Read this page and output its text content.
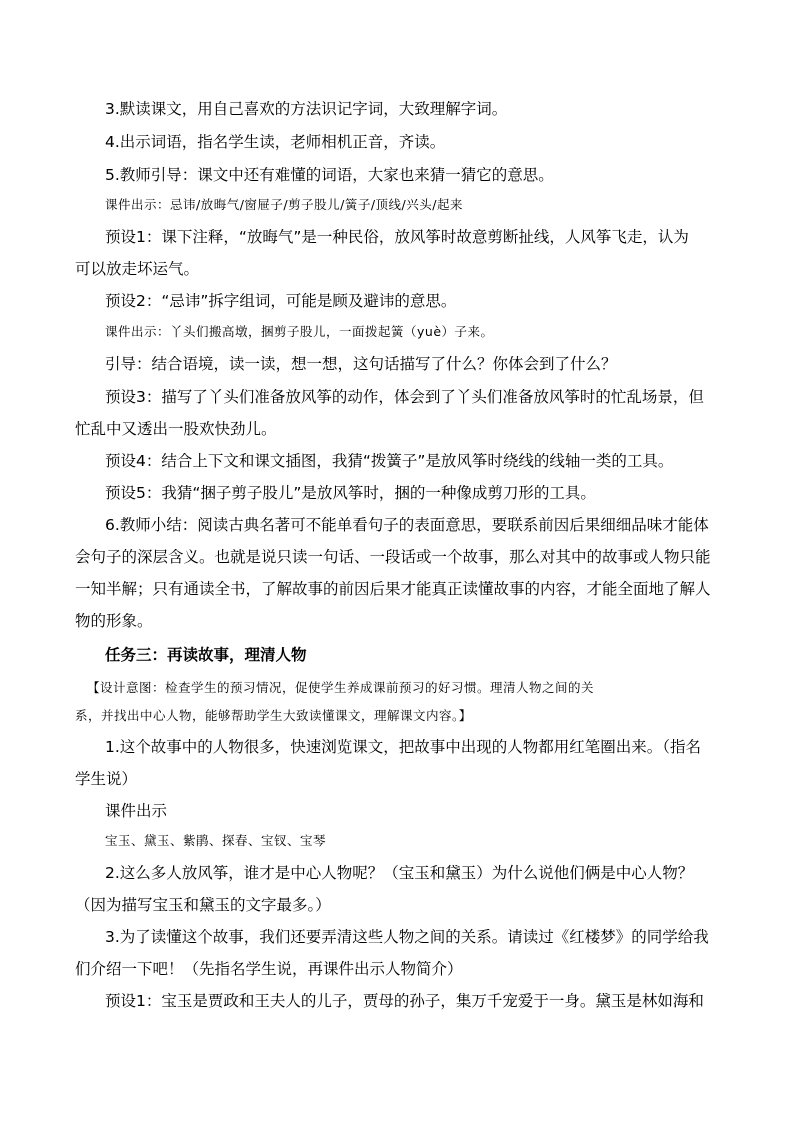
3.默读课文，用自己喜欢的方法识记字词，大致理解字词。
4.出示词语，指名学生读，老师相机正音，齐读。
5.教师引导：课文中还有难懂的词语，大家也来猜一猜它的意思。
课件出示：忌讳/放晦气/窗屉子/剪子股儿/簧子/顶线/兴头/起来
预设1：课下注释，“放晦气”是一种民俗，放风筝时故意剪断扯线，人风筝飞走，认为
可以放走坏运气。
预设2：“忌讳”拆字组词，可能是顾及避讳的意思。
课件出示：丫头们搬高墩，捆剪子股儿，一面拨起簧（yuè）子来。
引导：结合语境，读一读，想一想，这句话描写了什么？你体会到了什么？
预设3：描写了丫头们准备放风筝的动作，体会到了丫头们准备放风筝时的忙乱场景，但
忙乱中又透出一股欢快劲儿。
预设4：结合上下文和课文插图，我猜“拨簧子”是放风筝时绕线的线轴一类的工具。
预设5：我猜“捆子剪子股儿”是放风筝时，捆的一种像成剪刀形的工具。
6.教师小结：阅读古典名著可不能单看句子的表面意思，要联系前因后果细细品味才能体
会句子的深层含义。也就是说只读一句话、一段话或一个故事，那么对其中的故事或人物只能
一知半解；只有通读全书，了解故事的前因后果才能真正读懂故事的内容，才能全面地了解人
物的形象。
任务三：再读故事，理清人物
【设计意图：检查学生的预习情况，促使学生养成课前预习的好习惯。理清人物之间的关
系，并找出中心人物，能够帮助学生大致读懂课文，理解课文内容。】
1.这个故事中的人物很多，快速浏览课文，把故事中出现的人物都用红笔圈出来。（指名
学生说）
课件出示
宝玉、黛玉、紫鹃、探春、宝钗、宝琴
2.这么多人放风筝，谁才是中心人物呢？（宝玉和黛玉）为什么说他们俩是中心人物？
（因为描写宝玉和黛玉的文字最多。）
3.为了读懂这个故事，我们还要弄清这些人物之间的关系。请读过《红楼梦》的同学给我
们介绍一下吧！（先指名学生说，再课件出示人物简介）
预设1：宝玉是贾政和王夫人的儿子，贾母的孙子，集万千宠爱于一身。黛玉是林如海和
